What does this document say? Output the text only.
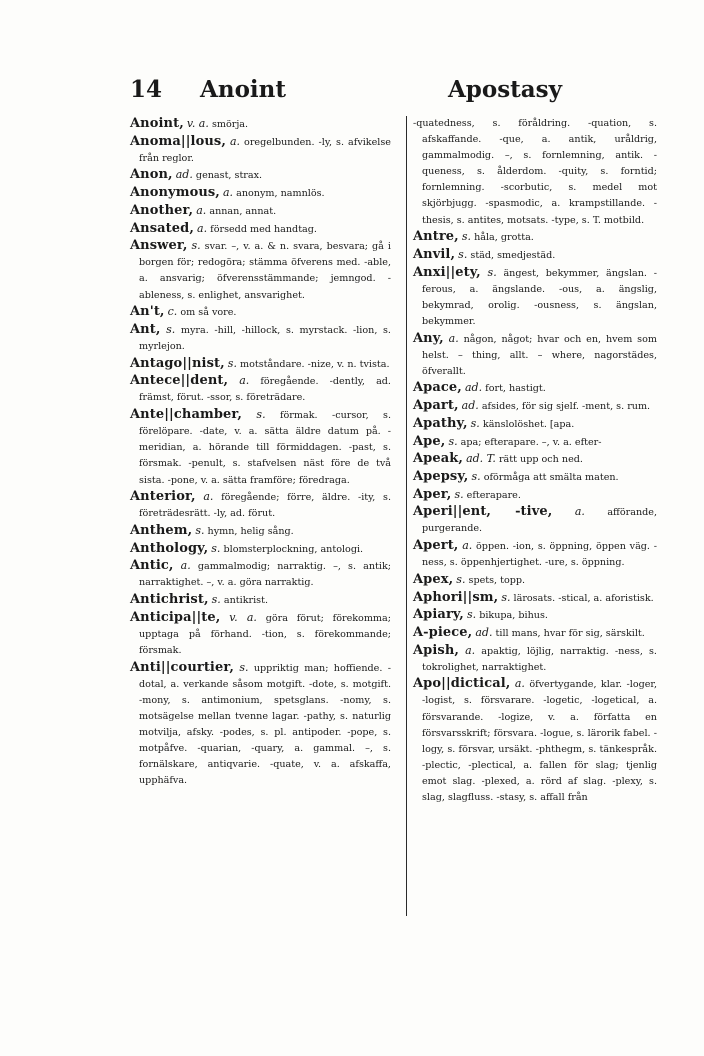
14 Anoint	Apostasy
Anoint, v. a. smörja.
Anoma||lous, a. oregelbunden. -ly, s. afvikelse från reglor.
Anon, ad. genast, strax.
Anonymous, a. anonym, namnlös.
Another, a. annan, annat.
Ansated, a. försedd med handtag.
Answer, s. svar. –, v. a. & n. svara, besvara; gå i borgen för; redogöra; stämma öfverens med. -able, a. ansvarig; öfverensstämmande; jemngod. -ableness, s. enlighet, ansvarighet.
An't, c. om så vore.
Ant, s. myra. -hill, -hillock, s. myrstack. -lion, s. myrlejon.
Antago||nist, s. motståndare. -nize, v. n. tvista.
Antece||dent, a. föregående. -dently, ad. främst, förut. -ssor, s. företrädare.
Ante||chamber, s. förmak. -cursor, s. förelöpare. -date, v. a. sätta äldre datum på. -meridian, a. hörande till förmiddagen. -past, s. försmak. -penult, s. stafvelsen näst före de två sista. -pone, v. a. sätta framföre; föredraga.
Anterior, a. föregående; förre, äldre. -ity, s. företrädesrätt. -ly, ad. förut.
Anthem, s. hymn, helig sång.
Anthology, s. blomsterplockning, antologi.
Antic, a. gammalmodig; narraktig. –, s. antik; narraktighet. –, v. a. göra narraktig.
Antichrist, s. antikrist.
Anticipa||te, v. a. göra förut; förekomma; upptaga på förhand. -tion, s. förekommande; försmak.
Anti||courtier, s. uppriktig man; hoffiende. -dotal, a. verkande såsom motgift. -dote, s. motgift. -mony, s. antimonium, spetsglans. -nomy, s. motsägelse mellan tvenne lagar. -pathy, s. naturlig motvilja, afsky. -podes, s. pl. antipoder. -pope, s. motpåfve. -quarian, -quary, a. gammal. –, s. fornälskare, antiqvarie. -quate, v. a. afskaffa, upphäfva.
-quatedness, s. föråldring. -quation, s. afskaffande. -que, a. antik, uråldrig, gammalmodig. –, s. fornlemning, antik. -queness, s. ålderdom. -quity, s. forntid; fornlemning. -scorbutic, s. medel mot skjörbjugg. -spasmodic, a. krampstillande. -thesis, s. antites, motsats. -type, s. T. motbild.
Antre, s. håla, grotta.
Anvil, s. städ, smedjestäd.
Anxi||ety, s. ängest, bekymmer, ängslan. -ferous, a. ängslande. -ous, a. ängslig, bekymrad, orolig. -ousness, s. ängslan, bekymmer.
Any, a. någon, något; hvar och en, hvem som helst. – thing, allt. – where, nagorstädes, öfverallt.
Apace, ad. fort, hastigt.
Apart, ad. afsides, för sig sjelf. -ment, s. rum.
Apathy, s. känslolöshet. [apa.
Ape, s. apa; efterapare. –, v. a. efter-
Apeak, ad. T. rätt upp och ned.
Apepsy, s. oförmåga att smälta maten.
Aper, s. efterapare.
Aperi||ent, -tive, a. afförande, purgerande.
Apert, a. öppen. -ion, s. öppning, öppen väg. -ness, s. öppenhjertighet. -ure, s. öppning.
Apex, s. spets, topp.
Aphori||sm, s. lärosats. -stical, a. aforistisk.
Apiary, s. bikupa, bihus.
A-piece, ad. till mans, hvar för sig, särskilt.
Apish, a. apaktig, löjlig, narraktig. -ness, s. tokrolighet, narraktighet.
Apo||dictical, a. öfvertygande, klar. -loger, -logist, s. försvarare. -logetic, -logetical, a. försvarande. -logize, v. a. författa en försvarsskrift; försvara. -logue, s. lärorik fabel. -logy, s. försvar, ursäkt. -phthegm, s. tänkespråk. -plectic, -plectical, a. fallen för slag; tjenlig emot slag. -plexed, a. rörd af slag. -plexy, s. slag, slagfluss. -stasy, s. affall från
